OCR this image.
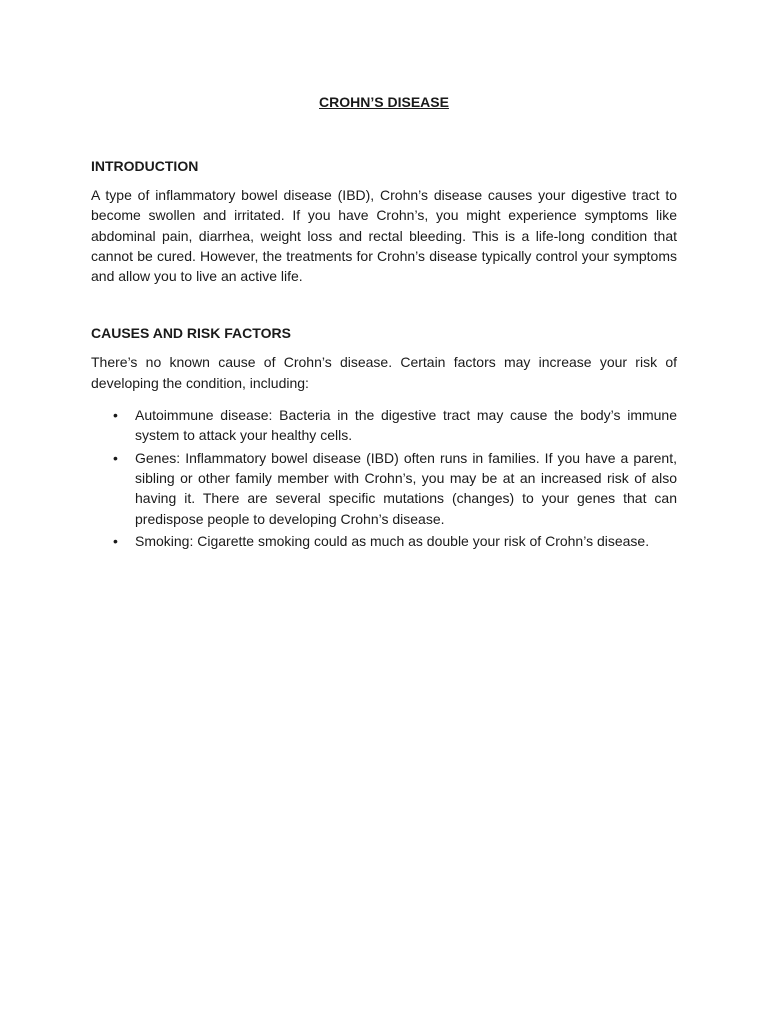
CROHN’S DISEASE
INTRODUCTION

A type of inflammatory bowel disease (IBD), Crohn’s disease causes your digestive tract to become swollen and irritated. If you have Crohn’s, you might experience symptoms like abdominal pain, diarrhea, weight loss and rectal bleeding. This is a life-long condition that cannot be cured. However, the treatments for Crohn’s disease typically control your symptoms and allow you to live an active life.

CAUSES AND RISK FACTORS

There’s no known cause of Crohn’s disease. Certain factors may increase your risk of developing the condition, including:

• Autoimmune disease: Bacteria in the digestive tract may cause the body’s immune system to attack your healthy cells.
• Genes: Inflammatory bowel disease (IBD) often runs in families. If you have a parent, sibling or other family member with Crohn’s, you may be at an increased risk of also having it. There are several specific mutations (changes) to your genes that can predispose people to developing Crohn’s disease.
• Smoking: Cigarette smoking could as much as double your risk of Crohn’s disease.
